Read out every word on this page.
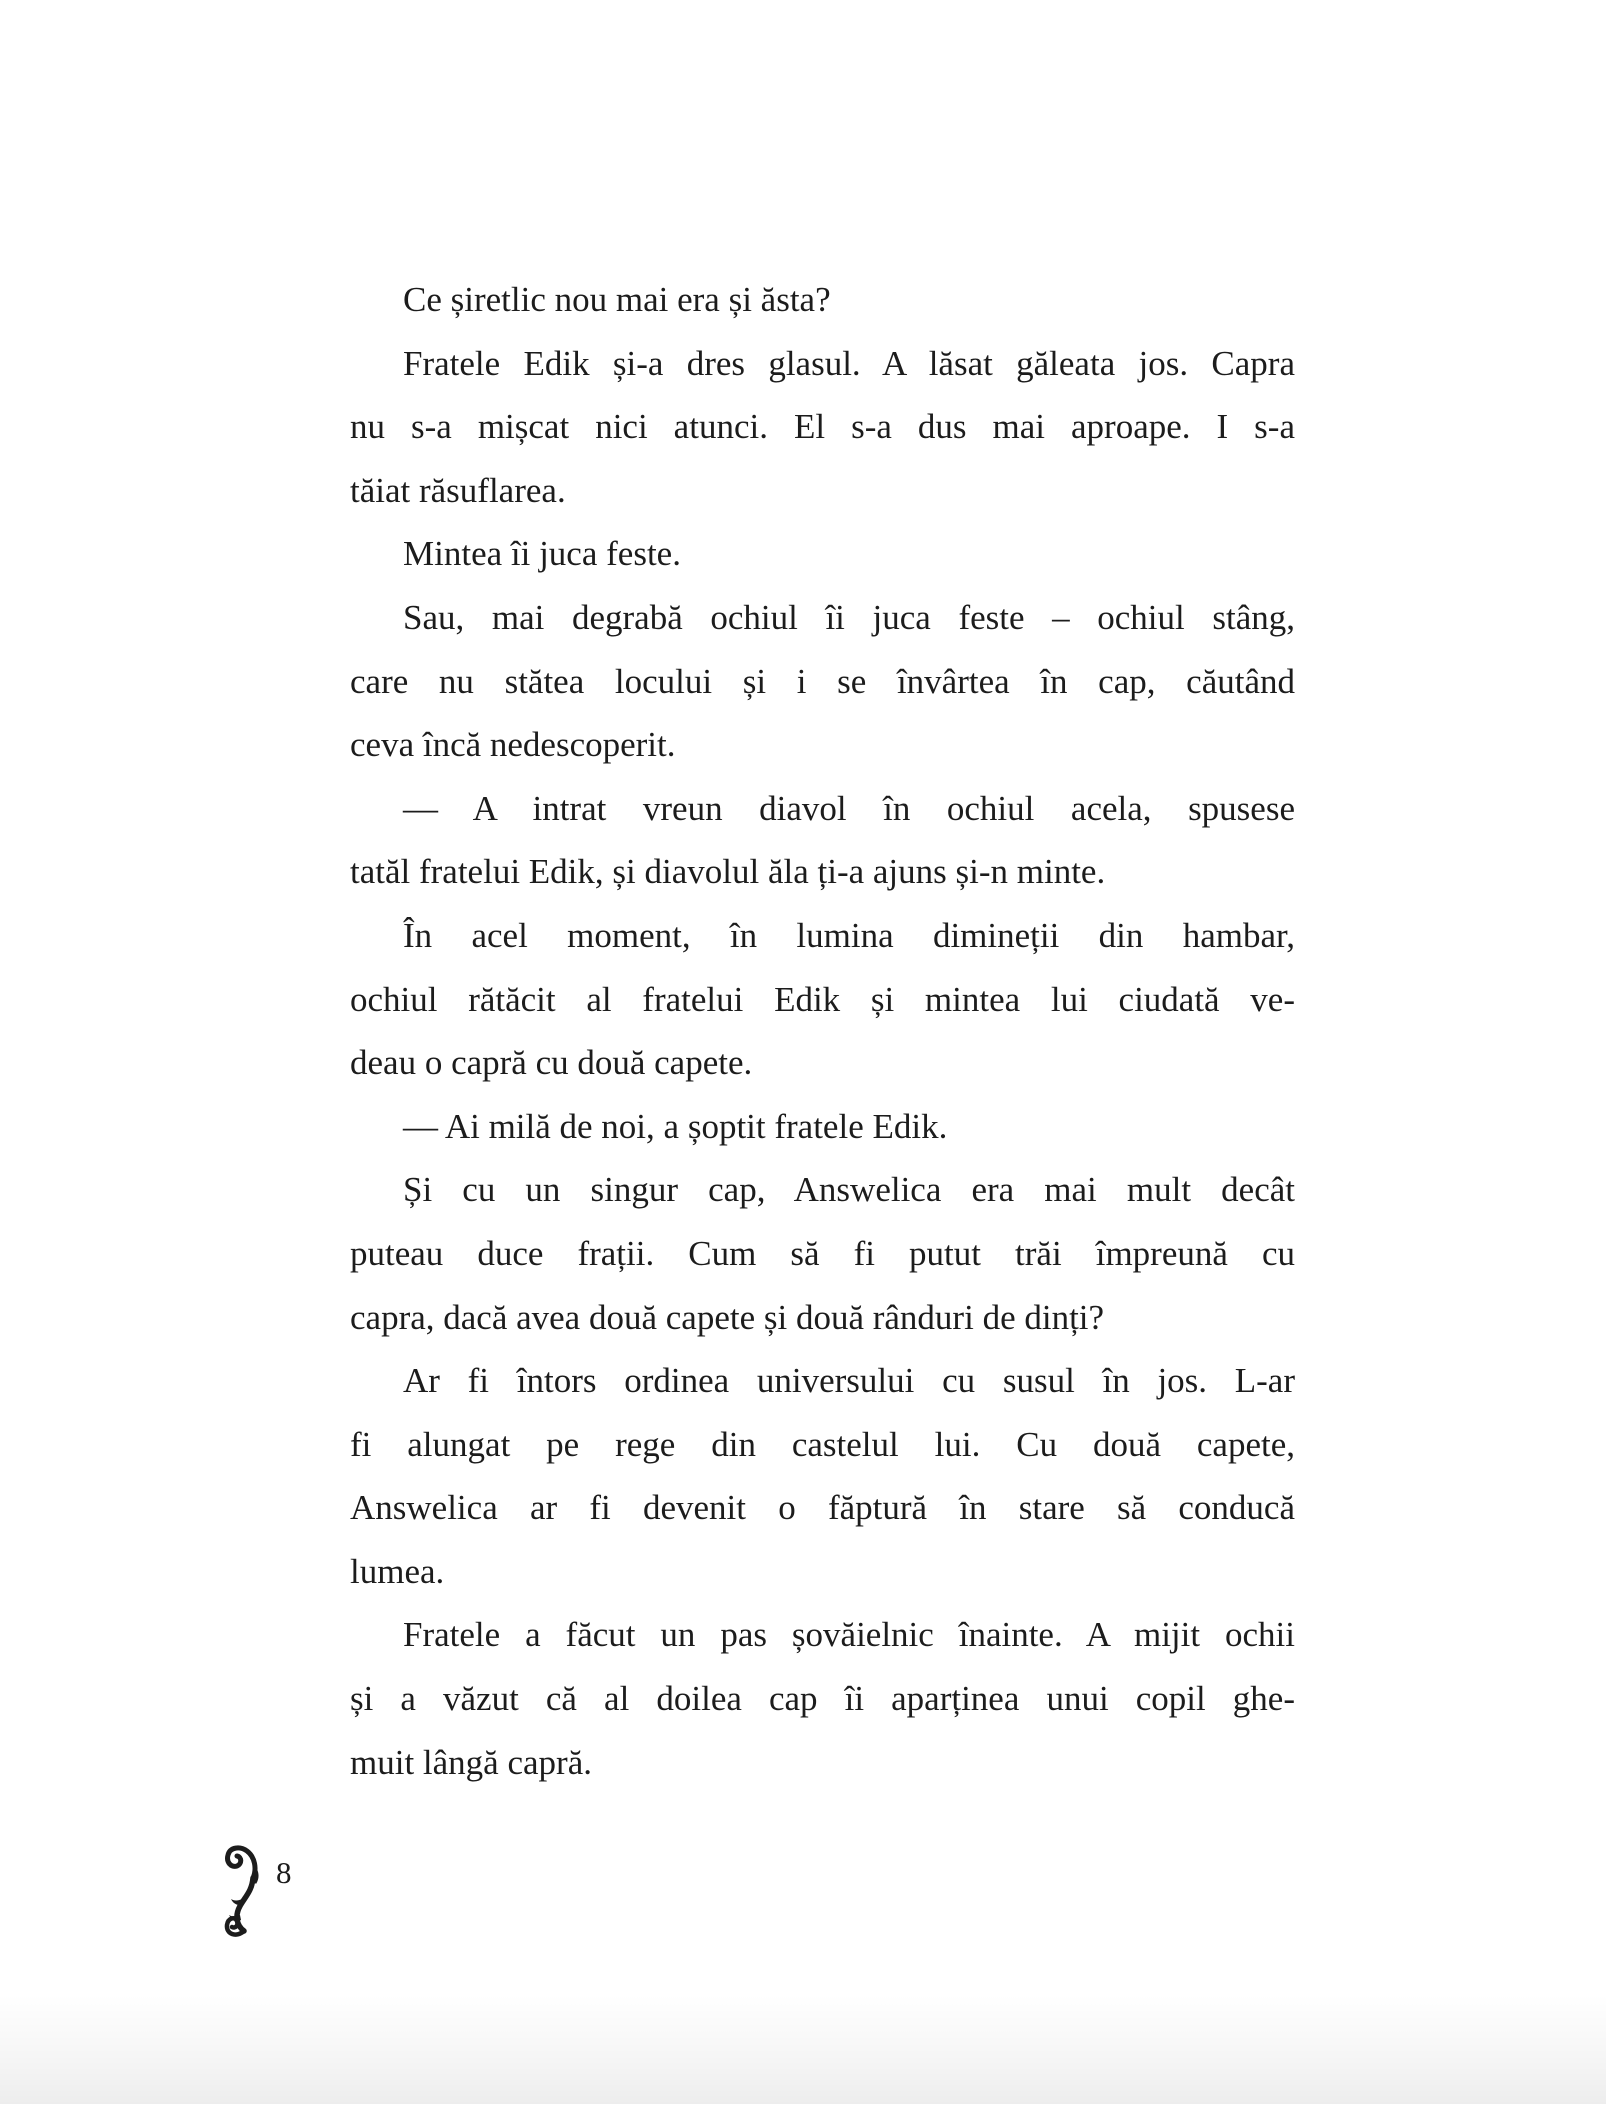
Ce șiretlic nou mai era și ăsta?
Fratele Edik și-a dres glasul. A lăsat găleata jos. Capra
nu s-a mișcat nici atunci. El s-a dus mai aproape. I s-a
tăiat răsuflarea.
Mintea îi juca feste.
Sau, mai degrabă ochiul îi juca feste – ochiul stâng,
care nu stătea locului și i se învârtea în cap, căutând
ceva încă nedescoperit.
— A intrat vreun diavol în ochiul acela, spusese
tatăl fratelui Edik, și diavolul ăla ți-a ajuns și-n minte.
În acel moment, în lumina dimineții din hambar,
ochiul rătăcit al fratelui Edik și mintea lui ciudată ve-
deau o capră cu două capete.
— Ai milă de noi, a șoptit fratele Edik.
Și cu un singur cap, Answelica era mai mult decât
puteau duce frații. Cum să fi putut trăi împreună cu
capra, dacă avea două capete și două rânduri de dinți?
Ar fi întors ordinea universului cu susul în jos. L-ar
fi alungat pe rege din castelul lui. Cu două capete,
Answelica ar fi devenit o făptură în stare să conducă
lumea.
Fratele a făcut un pas șovăielnic înainte. A mijit ochii
și a văzut că al doilea cap îi aparținea unui copil ghe-
muit lângă capră.
8
